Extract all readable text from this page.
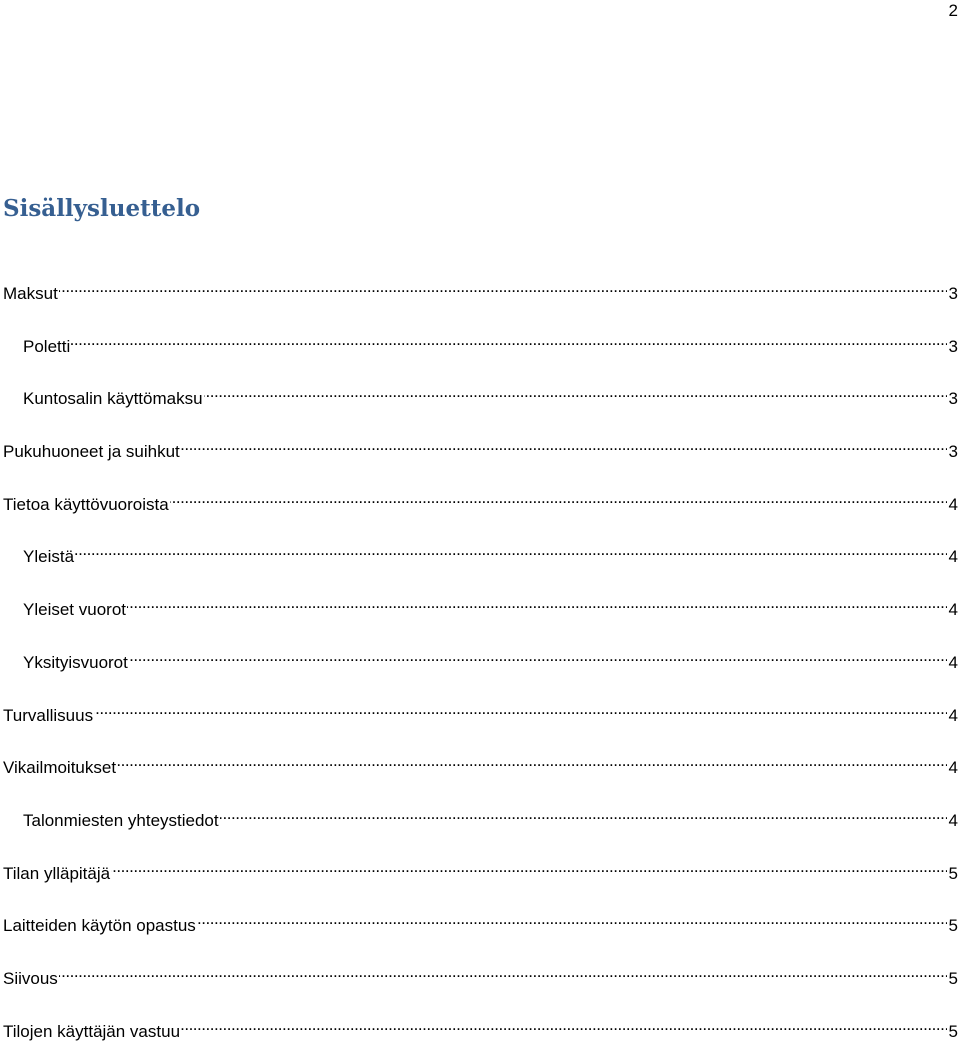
2
Sisällysluettelo
Maksut . . .	3
Poletti . . .	3
Kuntosalin käyttömaksu . . .	3
Pukuhuoneet ja suihkut . . .	3
Tietoa käyttövuoroista . . .	4
Yleistä . . .	4
Yleiset vuorot . . .	4
Yksityisvuorot . . .	4
Turvallisuus . . .	4
Vikailmoitukset . . .	4
Talonmiesten yhteystiedot . . .	4
Tilan ylläpitäjä . . .	5
Laitteiden käytön opastus . . .	5
Siivous . . .	5
Tilojen käyttäjän vastuu . . .	5
